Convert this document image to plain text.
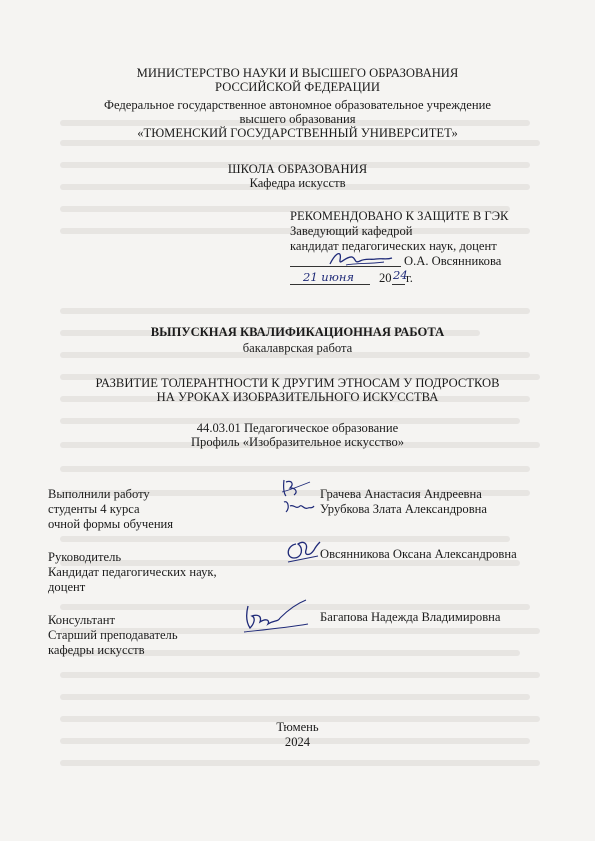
МИНИСТЕРСТВО НАУКИ И ВЫСШЕГО ОБРАЗОВАНИЯ
РОССИЙСКОЙ ФЕДЕРАЦИИ
Федеральное государственное автономное образовательное учреждение
высшего образования
«ТЮМЕНСКИЙ ГОСУДАРСТВЕННЫЙ УНИВЕРСИТЕТ»
ШКОЛА ОБРАЗОВАНИЯ
Кафедра искусств
РЕКОМЕНДОВАНО К ЗАЩИТЕ В ГЭК
Заведующий кафедрой
кандидат педагогических наук, доцент
О.А. Овсянникова
21 июня 20 24
г.
ВЫПУСКНАЯ КВАЛИФИКАЦИОННАЯ РАБОТА
бакалаврская работа
РАЗВИТИЕ ТОЛЕРАНТНОСТИ К ДРУГИМ ЭТНОСАМ У ПОДРОСТКОВ
НА УРОКАХ ИЗОБРАЗИТЕЛЬНОГО ИСКУССТВА
44.03.01 Педагогическое образование
Профиль «Изобразительное искусство»
Выполнили работу
студенты 4 курса
очной формы обучения
Грачева Анастасия Андреевна
Урубкова Злата Александровна
Руководитель
Кандидат педагогических наук,
доцент
Овсянникова Оксана Александровна
Консультант
Старший преподаватель
кафедры искусств
Багапова Надежда Владимировна
Тюмень
2024
